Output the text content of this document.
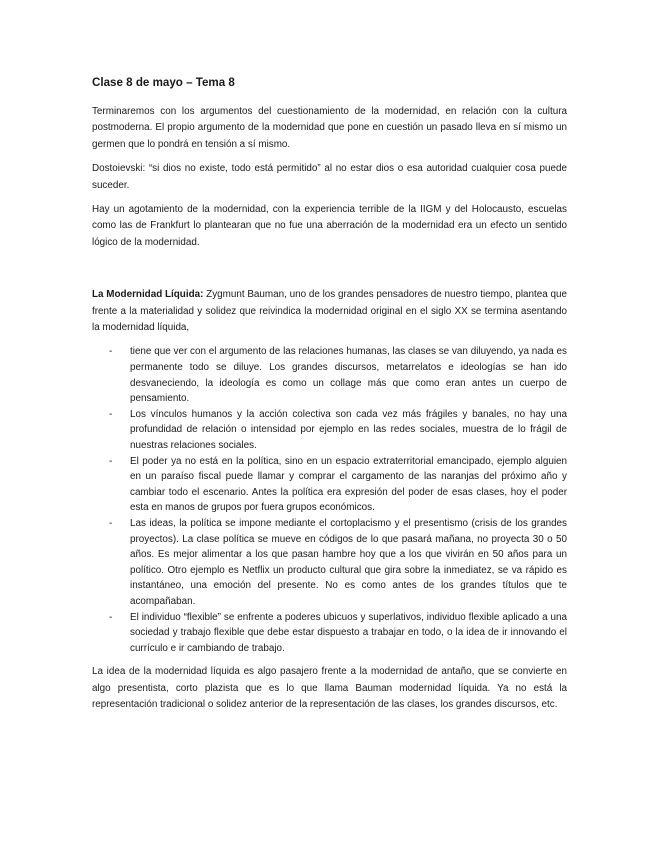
Clase 8 de mayo – Tema 8

Terminaremos con los argumentos del cuestionamiento de la modernidad, en relación con la cultura postmoderna. El propio argumento de la modernidad que pone en cuestión un pasado lleva en sí mismo un germen que lo pondrá en tensión a sí mismo.

Dostoievski: “si dios no existe, todo está permitido” al no estar dios o esa autoridad cualquier cosa puede suceder.

Hay un agotamiento de la modernidad, con la experiencia terrible de la IIGM y del Holocausto, escuelas como las de Frankfurt lo plantearan que no fue una aberración de la modernidad era un efecto un sentido lógico de la modernidad.

La Modernidad Líquida: Zygmunt Bauman, uno de los grandes pensadores de nuestro tiempo, plantea que frente a la materialidad y solidez que reivindica la modernidad original en el siglo XX se termina asentando la modernidad líquida,

- tiene que ver con el argumento de las relaciones humanas, las clases se van diluyendo, ya nada es permanente todo se diluye. Los grandes discursos, metarrelatos e ideologías se han ido desvaneciendo, la ideología es como un collage más que como eran antes un cuerpo de pensamiento.
- Los vínculos humanos y la acción colectiva son cada vez más frágiles y banales, no hay una profundidad de relación o intensidad por ejemplo en las redes sociales, muestra de lo frágil de nuestras relaciones sociales.
- El poder ya no está en la política, sino en un espacio extraterritorial emancipado, ejemplo alguien en un paraíso fiscal puede llamar y comprar el cargamento de las naranjas del próximo año y cambiar todo el escenario. Antes la política era expresión del poder de esas clases, hoy el poder esta en manos de grupos por fuera grupos económicos.
- Las ideas, la política se impone mediante el cortoplacismo y el presentismo (crisis de los grandes proyectos). La clase política se mueve en códigos de lo que pasará mañana, no proyecta 30 o 50 años. Es mejor alimentar a los que pasan hambre hoy que a los que vivirán en 50 años para un político. Otro ejemplo es Netflix un producto cultural que gira sobre la inmediatez, se va rápido es instantáneo, una emoción del presente. No es como antes de los grandes títulos que te acompañaban.
- El individuo “flexible” se enfrente a poderes ubicuos y superlativos, individuo flexible aplicado a una sociedad y trabajo flexible que debe estar dispuesto a trabajar en todo, o la idea de ir innovando el currículo e ir cambiando de trabajo.

La idea de la modernidad líquida es algo pasajero frente a la modernidad de antaño, que se convierte en algo presentista, corto plazista que es lo que llama Bauman modernidad líquida. Ya no está la representación tradicional o solidez anterior de la representación de las clases, los grandes discursos, etc.
